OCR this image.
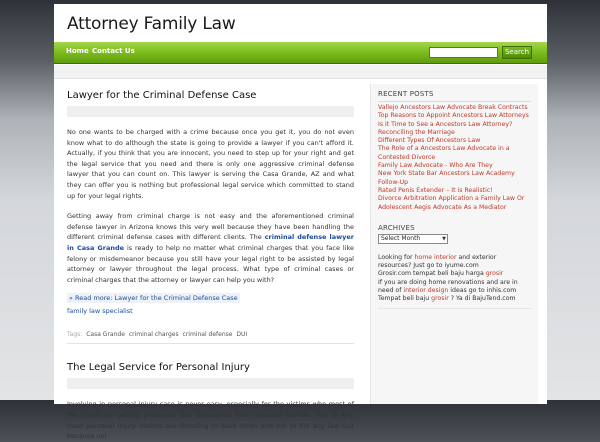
Attorney Family Law
Home Contact Us	Search
Lawyer for the Criminal Defense Case

No one wants to be charged with a crime because once you get it, you do not even know what to do although the state is going to provide a lawyer if you can't afford it. Actually, if you think that you are innocent, you need to step up for your right and get the legal service that you need and there is only one aggressive criminal defense lawyer that you can count on. This lawyer is serving the Casa Grande, AZ and what they can offer you is nothing but professional legal service which committed to stand up for your legal rights.

Getting away from criminal charge is not easy and the aforementioned criminal defense lawyer in Arizona knows this very well because they have been handling the different criminal defense cases with different clients. The criminal defense lawyer in Casa Grande is ready to help no matter what criminal charges that you face like felony or misdemeanor because you still have your legal right to be assisted by legal attorney or lawyer throughout the legal process. What type of criminal cases or criminal charges that the attorney or lawyer can help you with?

» Read more: Lawyer for the Criminal Defense Case
family law specialist
Tags: Casa Grande criminal charges criminal defense DUI
The Legal Service for Personal Injury

Involving in personal injury case is never easy, especially for the victims who most of the times are getting pressured and threatened from unknown parties. This is why most personal injury victims are choosing to back down and not to file any law suit because not

RECENT POSTS
Vallejo Ancestors Law Advocate Break Contracts
Top Reasons to Appoint Ancestors Law Attorneys
Is it Time to See a Ancestors Law Attorney?
Reconciling the Marriage
Different Types Of Ancestors Law
The Role of a Ancestors Law Advocate in a Contested Divorce
Family Law Advocate - Who Are They
New York State Bar Ancestors Law Academy Follow-Up
Rated Penis Extender – It is Realistic!
Divorce Arbitration Application a Family Law Or Adolescent Aegis Advocate As a Mediator
ARCHIVES
Select Month	▼
Looking for home interior and exterior resources? Just go to iyume.com
Grosir.com tempat beli baju harga grosir
If you are doing home renovations and are in need of interior design ideas go to inhis.com
Tempat beli baju grosir ? Ya di BajuTend.com
